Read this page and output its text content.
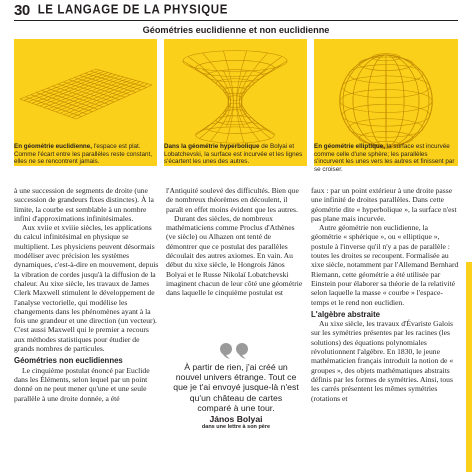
30 LE LANGAGE DE LA PHYSIQUE
Géométries euclidienne et non euclidienne
En géométrie euclidienne, l'espace est plat. Comme l'écart entre les parallèles reste constant, elles ne se rencontrent jamais.
Dans la géométrie hyperbolique de Bolyai et Lobatchevski, la surface est incurvée et les lignes s'écartent les unes des autres.
En géométrie elliptique, la surface est incurvée comme celle d'une sphère; les parallèles s'incurvent les unes vers les autres et finissent par se croiser.

à une succession de segments de droite (une succession de grandeurs fixes distinctes). À la limite, la courbe est semblable à un nombre infini d'approximations infinitésimales.

Aux xviie et xviiie siècles, les applications du calcul infinitésimal en physique se multiplient. Les physiciens peuvent désormais modéliser avec précision les systèmes dynamiques, c'est-à-dire en mouvement, depuis la vibration de cordes jusqu'à la diffusion de la chaleur. Au xixe siècle, les travaux de James Clerk Maxwell stimulent le développement de l'analyse vectorielle, qui modélise les changements dans les phénomènes ayant à la fois une grandeur et une direction (un vecteur). C'est aussi Maxwell qui le premier a recours aux méthodes statistiques pour étudier de grands nombres de particules.

Géométries non euclidiennes

Le cinquième postulat énoncé par Euclide dans les Éléments, selon lequel par un point donné on ne peut mener qu'une et une seule parallèle à une droite donnée, a été

l'Antiquité soulevé des difficultés. Bien que de nombreux théorèmes en découlent, il paraît en effet moins évident que les autres.

Durant des siècles, de nombreux mathématiciens comme Proclus d'Athènes (ve siècle) ou Alhazen ont tenté de démontrer que ce postulat des parallèles découlait des autres axiomes. En vain. Au début du xixe siècle, le Hongrois János Bolyai et le Russe Nikolaï Lobatchevski imaginent chacun de leur côté une géométrie dans laquelle le cinquième postulat est

À partir de rien, j'ai créé un nouvel univers étrange. Tout ce que je t'ai envoyé jusque-là n'est qu'un château de cartes comparé à une tour.
János Bolyai
dans une lettre à son père

faux : par un point extérieur à une droite passe une infinité de droites parallèles. Dans cette géométrie dite « hyperbolique », la surface n'est pas plane mais incurvée.

Autre géométrie non euclidienne, la géométrie « sphérique », ou « elliptique », postule à l'inverse qu'il n'y a pas de parallèle : toutes les droites se recoupent. Formalisée au xixe siècle, notamment par l'Allemand Bernhard Riemann, cette géométrie a été utilisée par Einstein pour élaborer sa théorie de la relativité selon laquelle la masse « courbe » l'espace-temps et le rend non euclidien.

L'algèbre abstraite

Au xixe siècle, les travaux d'Évariste Galois sur les symétries présentes par les racines (les solutions) des équations polynomiales révolutionnent l'algèbre. En 1830, le jeune mathématicien français introduit la notion de « groupes », des objets mathématiques abstraits définis par les formes de symétries. Ainsi, tous les carrés présentent les mêmes symétries (rotations et
